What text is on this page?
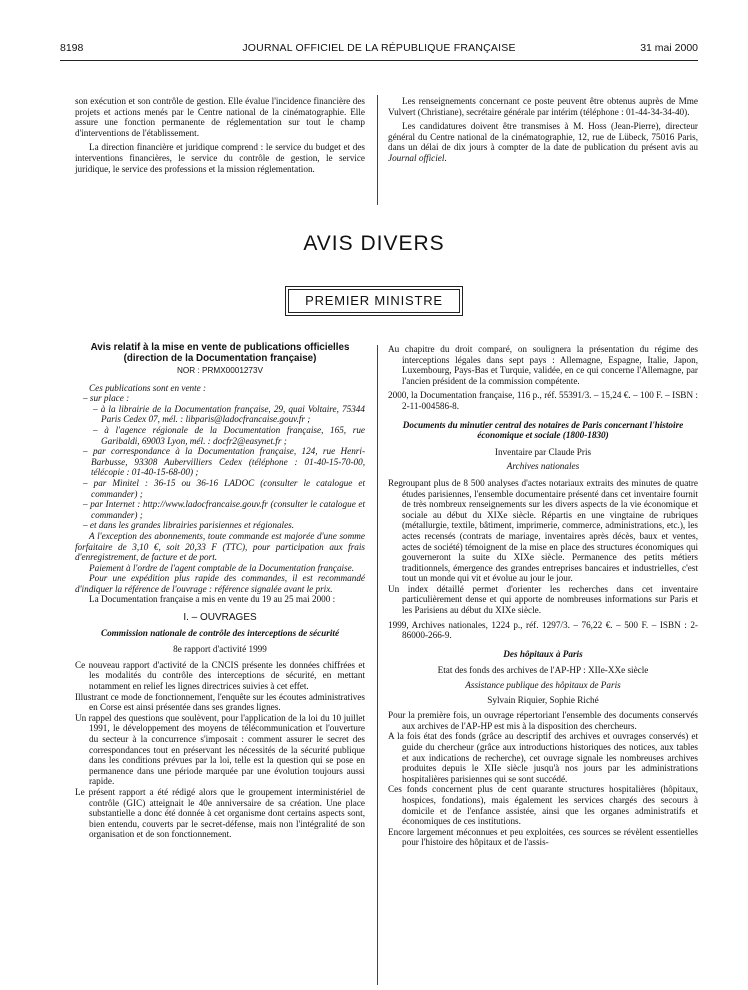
8198	JOURNAL OFFICIEL DE LA RÉPUBLIQUE FRANÇAISE	31 mai 2000

son exécution et son contrôle de gestion. Elle évalue l'incidence financière des projets et actions menés par le Centre national de la cinématographie. Elle assure une fonction permanente de réglementation sur tout le champ d'interventions de l'établissement.

La direction financière et juridique comprend : le service du budget et des interventions financières, le service du contrôle de gestion, le service juridique, le service des professions et la mission réglementation.

Les renseignements concernant ce poste peuvent être obtenus auprès de Mme Vulvert (Christiane), secrétaire générale par intérim (téléphone : 01-44-34-34-40).

Les candidatures doivent être transmises à M. Hoss (Jean-Pierre), directeur général du Centre national de la cinématographie, 12, rue de Lübeck, 75016 Paris, dans un délai de dix jours à compter de la date de publication du présent avis au Journal officiel.

AVIS DIVERS
PREMIER MINISTRE
Avis relatif à la mise en vente de publications officielles (direction de la Documentation française)
NOR : PRMX0001273V

Ces publications sont en vente :

– sur place :

– à la librairie de la Documentation française, 29, quai Voltaire, 75344 Paris Cedex 07, mél. : libparis@ladocfrancaise.gouv.fr ;

– à l'agence régionale de la Documentation française, 165, rue Garibaldi, 69003 Lyon, mél. : docfr2@easynet.fr ;

– par correspondance à la Documentation française, 124, rue Henri-Barbusse, 93308 Aubervilliers Cedex (téléphone : 01-40-15-70-00, télécopie : 01-40-15-68-00) ;

– par Minitel : 36-15 ou 36-16 LADOC (consulter le catalogue et commander) ;

– par Internet : http://www.ladocfrancaise.gouv.fr (consulter le catalogue et commander) ;

– et dans les grandes librairies parisiennes et régionales.

A l'exception des abonnements, toute commande est majorée d'une somme forfaitaire de 3,10 €, soit 20,33 F (TTC), pour participation aux frais d'enregistrement, de facture et de port.

Paiement à l'ordre de l'agent comptable de la Documentation française.

Pour une expédition plus rapide des commandes, il est recommandé d'indiquer la référence de l'ouvrage : référence signalée avant le prix.

La Documentation française a mis en vente du 19 au 25 mai 2000 :

I. – OUVRAGES
Commission nationale de contrôle des interceptions de sécurité
8e rapport d'activité 1999

Ce nouveau rapport d'activité de la CNCIS présente les données chiffrées et les modalités du contrôle des interceptions de sécurité, en mettant notamment en relief les lignes directrices suivies à cet effet.

Illustrant ce mode de fonctionnement, l'enquête sur les écoutes administratives en Corse est ainsi présentée dans ses grandes lignes.

Un rappel des questions que soulèvent, pour l'application de la loi du 10 juillet 1991, le développement des moyens de télécommunication et l'ouverture du secteur à la concurrence s'imposait : comment assurer le secret des correspondances tout en préservant les nécessités de la sécurité publique dans les conditions prévues par la loi, telle est la question qui se pose en permanence dans une période marquée par une évolution toujours aussi rapide.

Le présent rapport a été rédigé alors que le groupement interministériel de contrôle (GIC) atteignait le 40e anniversaire de sa création. Une place substantielle a donc été donnée à cet organisme dont certains aspects sont, bien entendu, couverts par le secret-défense, mais non l'intégralité de son organisation et de son fonctionnement.

Au chapitre du droit comparé, on soulignera la présentation du régime des interceptions légales dans sept pays : Allemagne, Espagne, Italie, Japon, Luxembourg, Pays-Bas et Turquie, validée, en ce qui concerne l'Allemagne, par l'ancien président de la commission compétente.

2000, la Documentation française, 116 p., réf. 55391/3. – 15,24 €. – 100 F. – ISBN : 2-11-004586-8.

Documents du minutier central des notaires de Paris concernant l'histoire économique et sociale (1800-1830)
Inventaire par Claude Pris
Archives nationales

Regroupant plus de 8 500 analyses d'actes notariaux extraits des minutes de quatre études parisiennes, l'ensemble documentaire présenté dans cet inventaire fournit de très nombreux renseignements sur les divers aspects de la vie économique et sociale au début du XIXe siècle. Répartis en une vingtaine de rubriques (métallurgie, textile, bâtiment, imprimerie, commerce, administrations, etc.), les actes recensés (contrats de mariage, inventaires après décès, baux et ventes, actes de société) témoignent de la mise en place des structures économiques qui gouverneront la suite du XIXe siècle. Permanence des petits métiers traditionnels, émergence des grandes entreprises bancaires et industrielles, c'est tout un monde qui vit et évolue au jour le jour.

Un index détaillé permet d'orienter les recherches dans cet inventaire particulièrement dense et qui apporte de nombreuses informations sur Paris et les Parisiens au début du XIXe siècle.

1999, Archives nationales, 1224 p., réf. 1297/3. – 76,22 €. – 500 F. – ISBN : 2-86000-266-9.

Des hôpitaux à Paris
Etat des fonds des archives de l'AP-HP : XIIe-XXe siècle
Assistance publique des hôpitaux de Paris
Sylvain Riquier, Sophie Riché

Pour la première fois, un ouvrage répertoriant l'ensemble des documents conservés aux archives de l'AP-HP est mis à la disposition des chercheurs.

A la fois état des fonds (grâce au descriptif des archives et ouvrages conservés) et guide du chercheur (grâce aux introductions historiques des notices, aux tables et aux indications de recherche), cet ouvrage signale les nombreuses archives produites depuis le XIIe siècle jusqu'à nos jours par les administrations hospitalières parisiennes qui se sont succédé.

Ces fonds concernent plus de cent quarante structures hospitalières (hôpitaux, hospices, fondations), mais également les services chargés des secours à domicile et de l'enfance assistée, ainsi que les organes administratifs et économiques de ces institutions.

Encore largement méconnues et peu exploitées, ces sources se révèlent essentielles pour l'histoire des hôpitaux et de l'assis-
